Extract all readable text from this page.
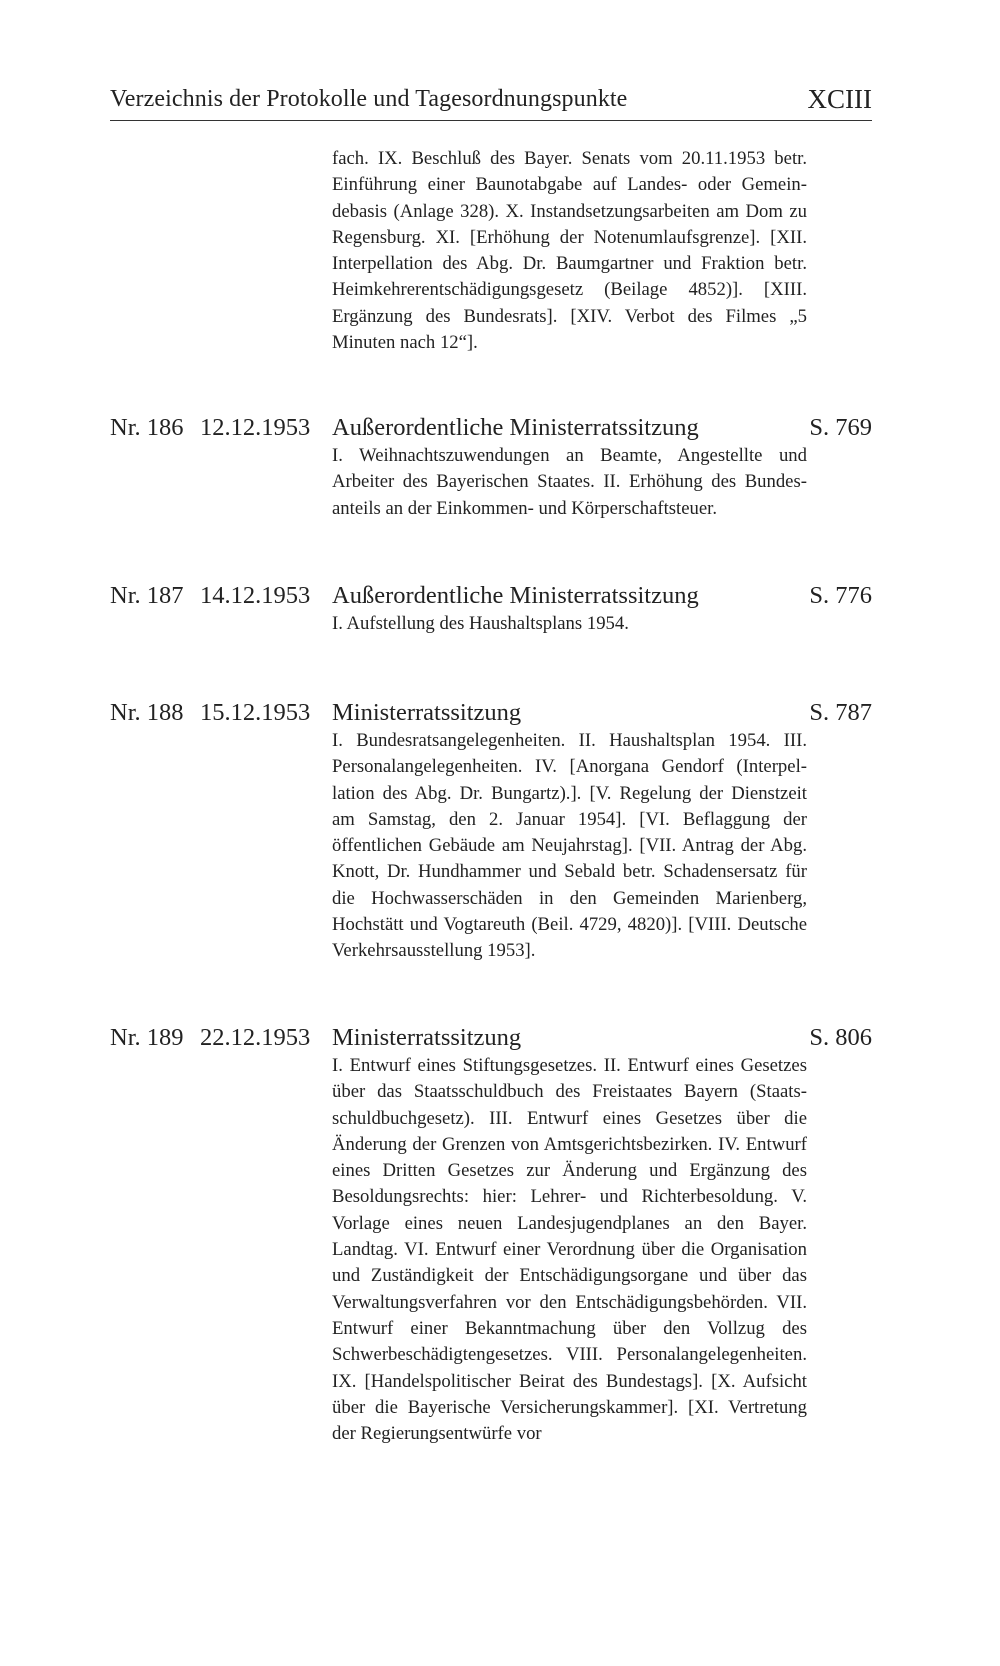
Verzeichnis der Protokolle und Tagesordnungspunkte	XCIII
fach. IX. Beschluß des Bayer. Senats vom 20.11.1953 betr. Einführung einer Baunotabgabe auf Landes- oder Gemeindebasis (Anlage 328). X. Instandsetzungsarbeiten am Dom zu Regensburg. XI. [Erhöhung der Notenumlaufsgrenze]. [XII. Interpellation des Abg. Dr. Baumgartner und Fraktion betr. Heimkehrerentschädigungsgesetz (Beilage 4852)]. [XIII. Ergänzung des Bundesrats]. [XIV. Verbot des Filmes „5 Minuten nach 12“].
Nr. 186 12.12.1953 Außerordentliche Ministerratssitzung	S. 769
I. Weihnachtszuwendungen an Beamte, Angestellte und Arbeiter des Bayerischen Staates. II. Erhöhung des Bundesanteils an der Einkommen- und Körperschaftsteuer.
Nr. 187 14.12.1953 Außerordentliche Ministerratssitzung	S. 776
I. Aufstellung des Haushaltsplans 1954.
Nr. 188 15.12.1953 Ministerratssitzung	S. 787
I. Bundesratsangelegenheiten. II. Haushaltsplan 1954. III. Personalangelegenheiten. IV. [Anorgana Gendorf (Interpellation des Abg. Dr. Bungartz).]. [V. Regelung der Dienstzeit am Samstag, den 2. Januar 1954]. [VI. Beflaggung der öffentlichen Gebäude am Neujahrstag]. [VII. Antrag der Abg. Knott, Dr. Hundhammer und Sebald betr. Schadensersatz für die Hochwasserschäden in den Gemeinden Marienberg, Hochstätt und Vogtareuth (Beil. 4729, 4820)]. [VIII. Deutsche Verkehrsausstellung 1953].
Nr. 189 22.12.1953 Ministerratssitzung	S. 806
I. Entwurf eines Stiftungsgesetzes. II. Entwurf eines Gesetzes über das Staatsschuldbuch des Freistaates Bayern (Staatsschuldbuchgesetz). III. Entwurf eines Gesetzes über die Änderung der Grenzen von Amtsgerichtsbezirken. IV. Entwurf eines Dritten Gesetzes zur Änderung und Ergänzung des Besoldungsrechts: hier: Lehrer- und Richterbesoldung. V. Vorlage eines neuen Landesjugendplanes an den Bayer. Landtag. VI. Entwurf einer Verordnung über die Organisation und Zuständigkeit der Entschädigungsorgane und über das Verwaltungsverfahren vor den Entschädigungsbehörden. VII. Entwurf einer Bekanntmachung über den Vollzug des Schwerbeschädigtengesetzes. VIII. Personalangelegenheiten. IX. [Handelspolitischer Beirat des Bundestags]. [X. Aufsicht über die Bayerische Versicherungskammer]. [XI. Vertretung der Regierungsentwürfe vor
